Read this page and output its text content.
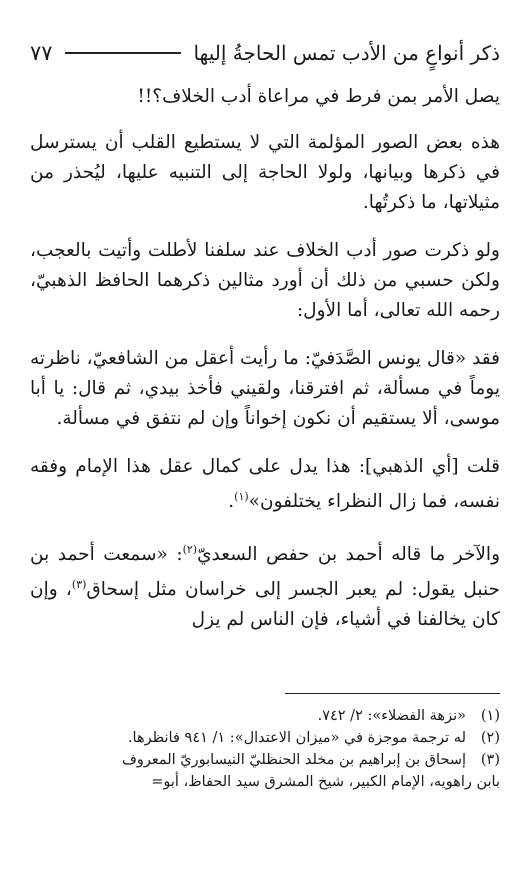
ذكر أنواعٍ من الأدب تمس الحاجةُ إليها
٧٧

يصل الأمر بمن فرط في مراعاة أدب الخلاف؟!!

هذه بعض الصور المؤلمة التي لا يستطيع القلب أن يسترسل في ذكرها وبيانها، ولولا الحاجة إلى التنبيه عليها، ليُحذر من مثيلاتها، ما ذكرتُها.

ولو ذكرت صور أدب الخلاف عند سلفنا لأطلت وأتيت بالعجب، ولكن حسبي من ذلك أن أورد مثالين ذكرهما الحافظ الذهبيّ، رحمه الله تعالى، أما الأول:

فقد «قال يونس الصَّدَفيّ: ما رأيت أعقل من الشافعيّ، ناظرته يوماً في مسألة، ثم افترقنا، ولقيني فأخذ بيدي، ثم قال: يا أبا موسى، ألا يستقيم أن نكون إخواناً وإن لم نتفق في مسألة.

قلت [أي الذهبي]: هذا يدل على كمال عقل هذا الإمام وفقه نفسه، فما زال النظراء يختلفون»$^{(١)}$.

والآخر ما قاله أحمد بن حفص السعديّ$^{(٢)}$: «سمعت أحمد بن حنبل يقول: لم يعبر الجسر إلى خراسان مثل إسحاق$^{(٣)}$، وإن كان يخالفنا في أشياء، فإن الناس لم يزل

(١)
«نزهة الفضلاء»: ٢/ ٧٤٢.
(٢)
له ترجمة موجزة في «ميزان الاعتدال»: ١/ ٩٤١ فانظرها.
(٣)
إسحاق بن إبراهيم بن مخلد الحنظليّ النيسابوريّ المعروف

بابن راهويه، الإمام الكبير، شيخ المشرق سيد الحفاظ، أبو=
